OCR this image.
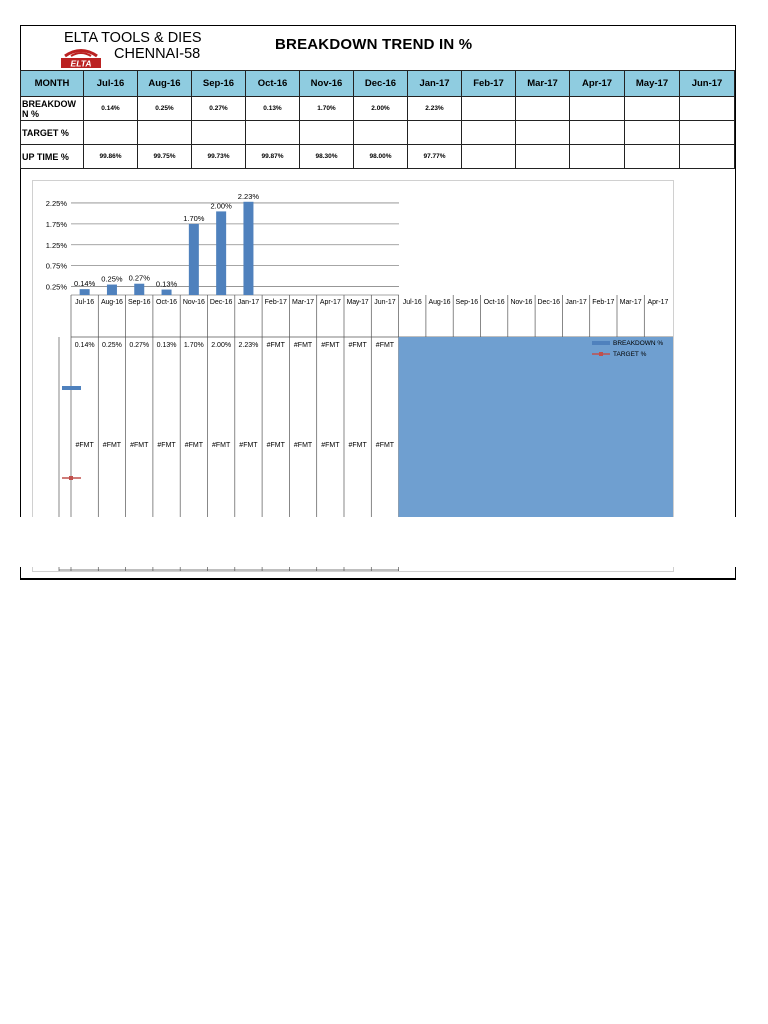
ELTA TOOLS & DIES
CHENNAI-58
ELTA
BREAKDOWN TREND IN %
MONTH	Jul-16	Aug-16	Sep-16	Oct-16	Nov-16	Dec-16	Jan-17	Feb-17	Mar-17	Apr-17	May-17	Jun-17
BREAKDOW N %	0.14%	0.25%	0.27%	0.13%	1.70%	2.00%	2.23%					
TARGET %												
UP TIME %	99.86%	99.75%	99.73%	99.87%	98.30%	98.00%	97.77%					
0.25%
0.75%
1.25%
1.75%
2.25%
0.14%
0.25% 0.27%
0.13%
1.70%
2.00%
2.23%
Jul-16 Aug-16 Sep-16 Oct-16 Nov-16 Dec-16 Jan-17 Feb-17 Mar-17 Apr-17 May-17 Jun-17 Jul-16 Aug-16 Sep-16 Oct-16 Nov-16 Dec-16 Jan-17 Feb-17 Mar-17 Apr-17
0.14% 0.25% 0.27% 0.13% 1.70% 2.00% 2.23% #FMT #FMT #FMT #FMT #FMT
#FMT #FMT #FMT #FMT #FMT #FMT #FMT #FMT #FMT #FMT #FMT #FMT
BREAKDOWN %
TARGET %
